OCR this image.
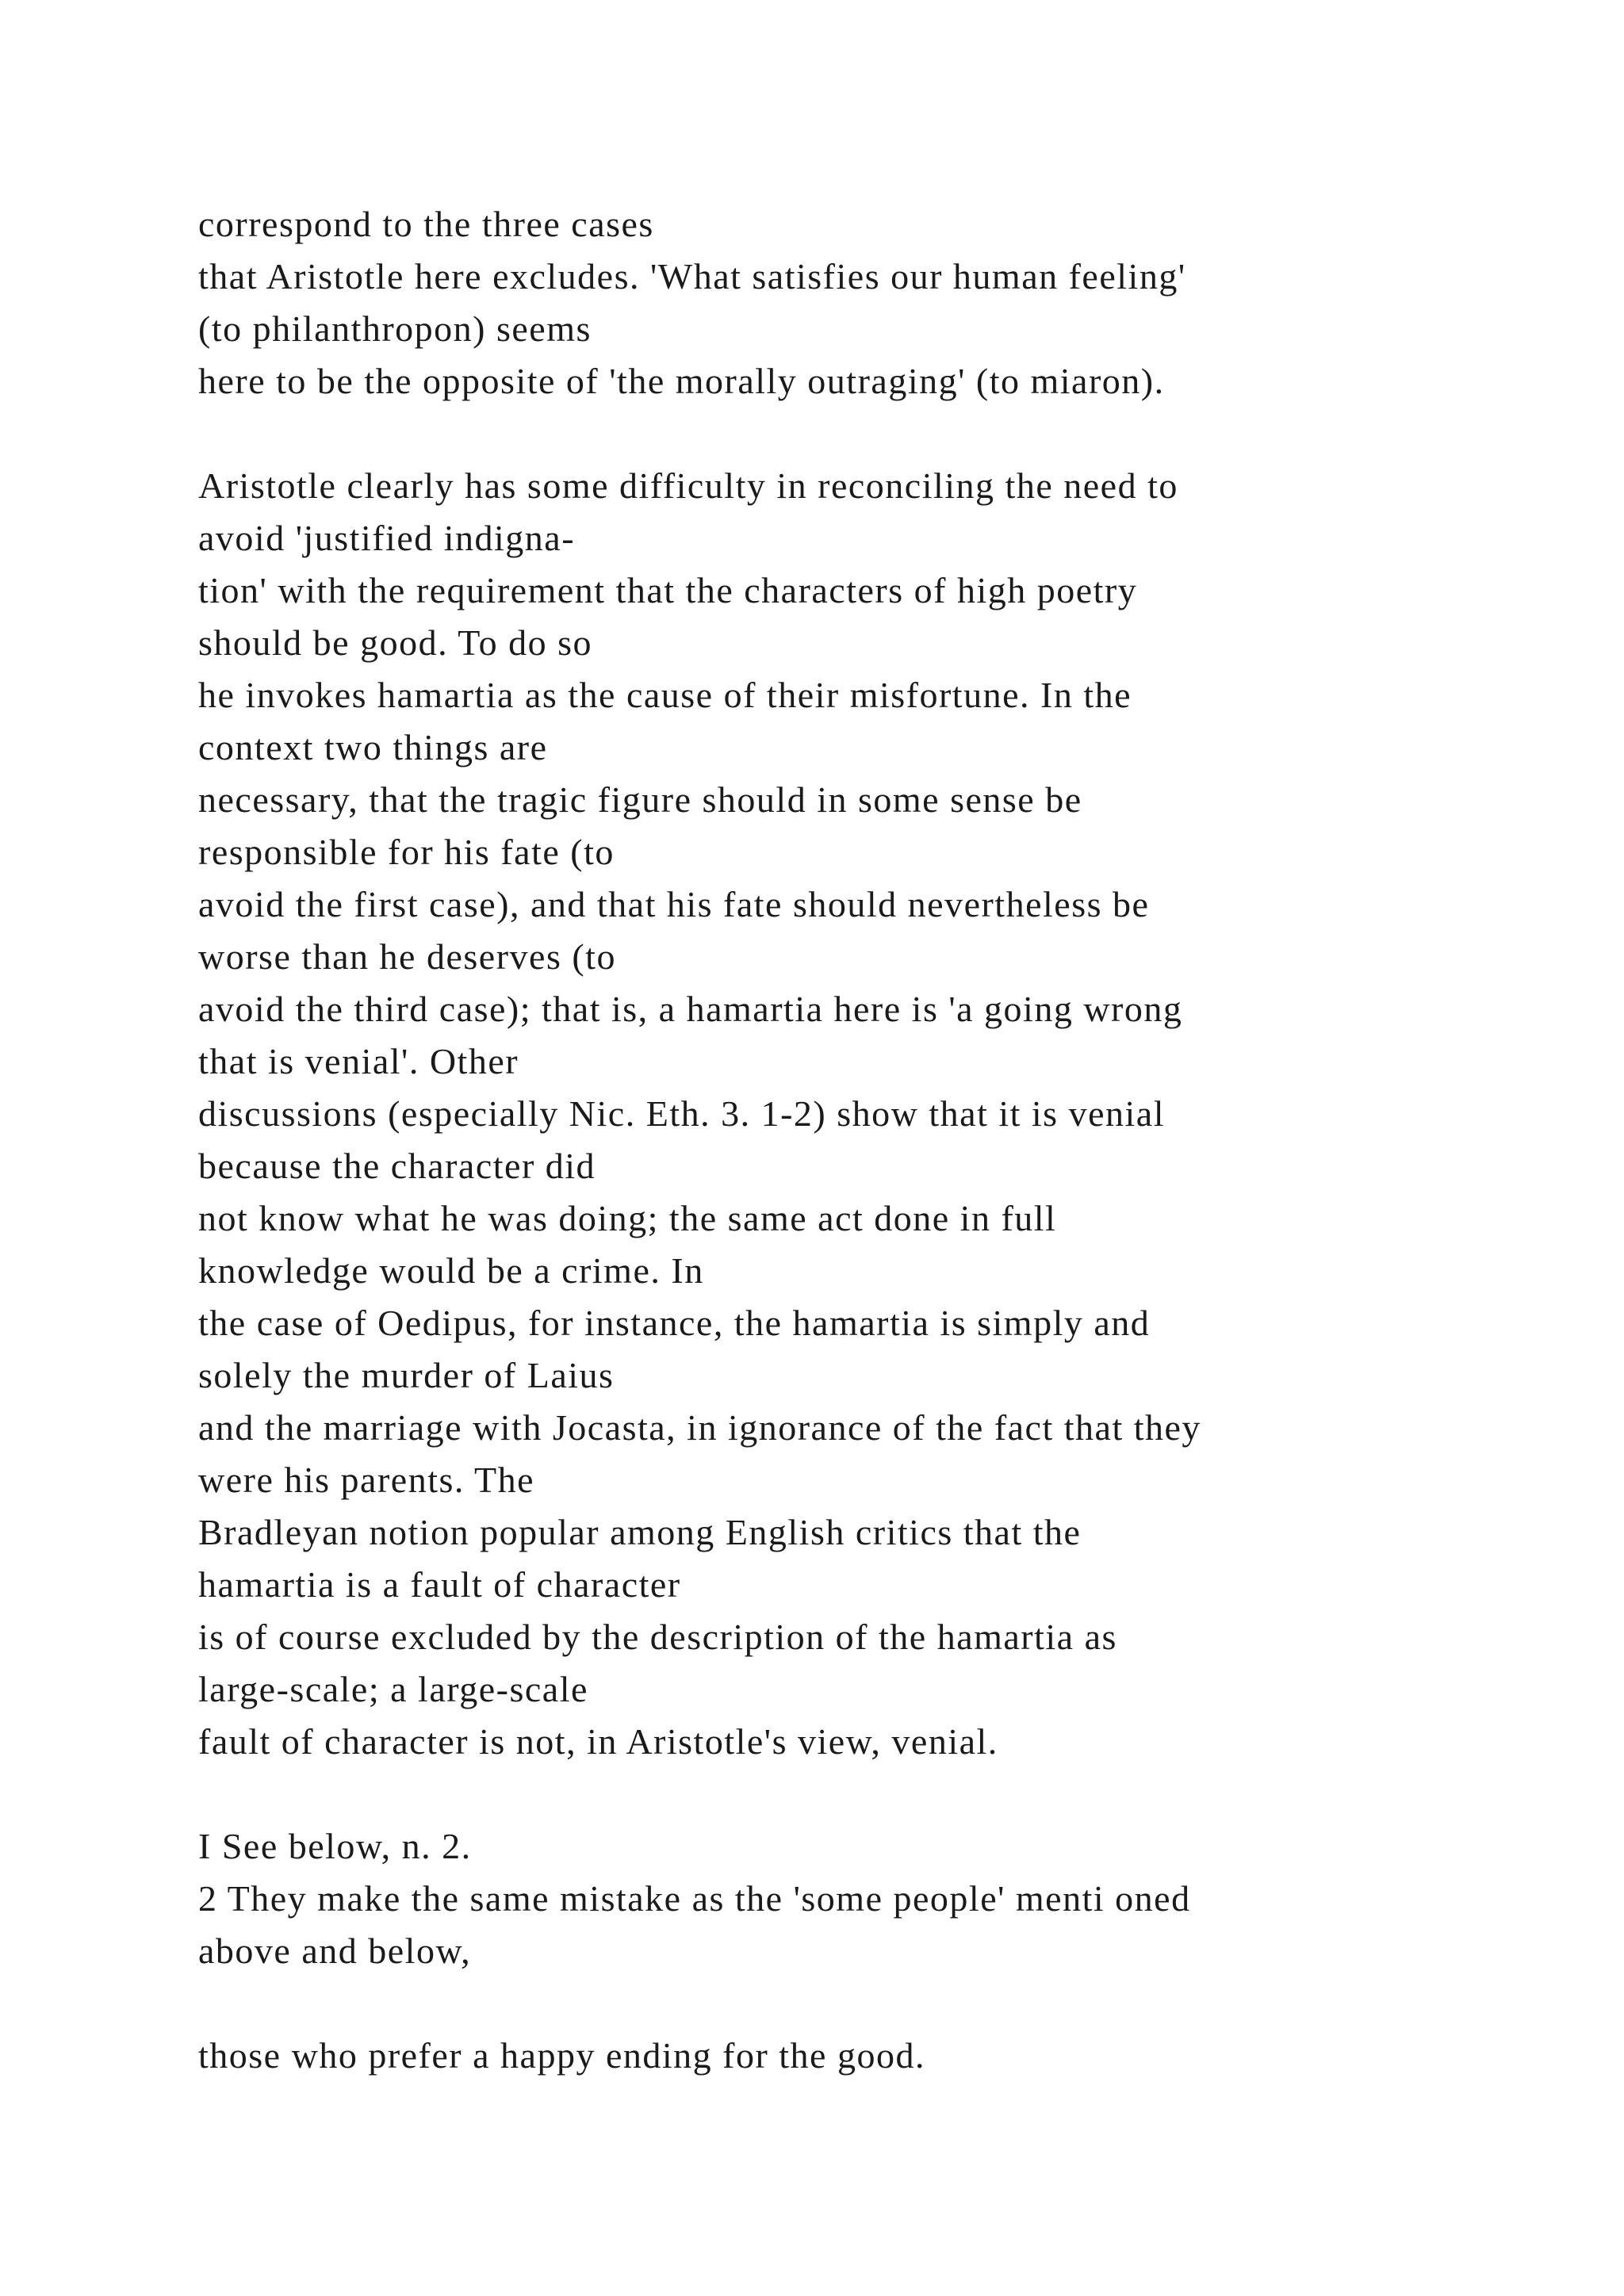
correspond to the three cases
that Aristotle here excludes. 'What satisfies our human feeling'
(to philanthropon) seems
here to be the opposite of 'the morally outraging' (to miaron).
Aristotle clearly has some difficulty in reconciling the need to
avoid 'justified indigna-
tion' with the requirement that the characters of high poetry
should be good. To do so
he invokes hamartia as the cause of their misfortune. In the
context two things are
necessary, that the tragic figure should in some sense be
responsible for his fate (to
avoid the first case), and that his fate should nevertheless be
worse than he deserves (to
avoid the third case); that is, a hamartia here is 'a going wrong
that is venial'. Other
discussions (especially Nic. Eth. 3. 1-2) show that it is venial
because the character did
not know what he was doing; the same act done in full
knowledge would be a crime. In
the case of Oedipus, for instance, the hamartia is simply and
solely the murder of Laius
and the marriage with Jocasta, in ignorance of the fact that they
were his parents. The
Bradleyan notion popular among English critics that the
hamartia is a fault of character
is of course excluded by the description of the hamartia as
large-scale; a large-scale
fault of character is not, in Aristotle's view, venial.
I See below, n. 2.
2 They make the same mistake as the 'some people' menti oned
above and below,
those who prefer a happy ending for the good.
